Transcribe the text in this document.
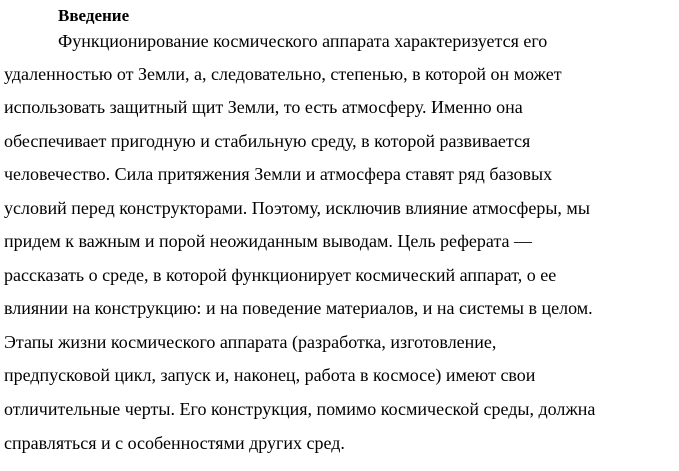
Введение
Функционирование космического аппарата характеризуется его
удаленностью от Земли, а, следовательно, степенью, в которой он может
использовать защитный щит Земли, то есть атмосферу. Именно она
обеспечивает пригодную и стабильную среду, в которой развивается
человечество. Сила притяжения Земли и атмосфера ставят ряд базовых
условий перед конструкторами. Поэтому, исключив влияние атмосферы, мы
придем к важным и порой неожиданным выводам. Цель реферата —
рассказать о среде, в которой функционирует космический аппарат, о ее
влиянии на конструкцию: и на поведение материалов, и на системы в целом.
Этапы жизни космического аппарата (разработка, изготовление,
предпусковой цикл, запуск и, наконец, работа в космосе) имеют свои
отличительные черты. Его конструкция, помимо космической среды, должна
справляться и с особенностями других сред.
